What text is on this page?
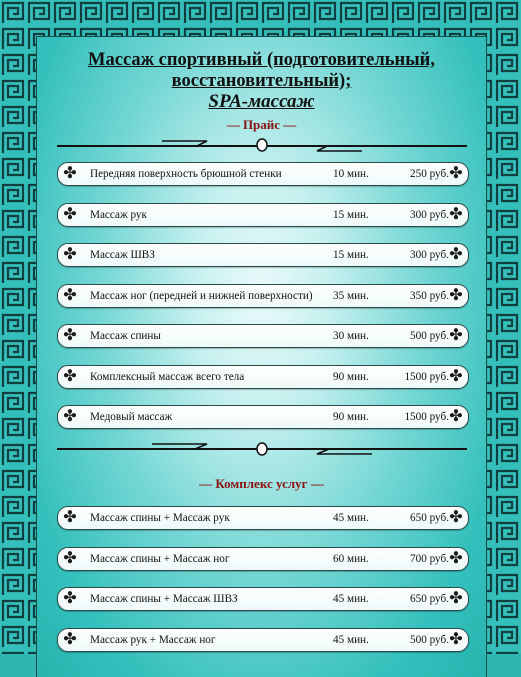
Массаж спортивный (подготовительный,
восстановительный);
SPA-массаж
— Прайс —
✤ Передняя поверхность брюшной стенки	10 мин.	250 руб. ✤
✤ Массаж рук	15 мин.	300 руб. ✤
✤ Массаж ШВЗ	15 мин.	300 руб. ✤
✤ Массаж ног (передней и нижней поверхности) 35 мин.	350 руб. ✤
✤ Массаж спины	30 мин.	500 руб. ✤
✤ Комплексный массаж всего тела	90 мин.	1500 руб. ✤
✤ Медовый массаж	90 мин.	1500 руб. ✤
— Комплекс услуг —
✤ Массаж спины + Массаж рук	45 мин.	650 руб. ✤
✤ Массаж спины + Массаж ног	60 мин.	700 руб. ✤
✤ Массаж спины + Массаж ШВЗ	45 мин.	650 руб. ✤
✤ Массаж рук + Массаж ног	45 мин.	500 руб. ✤
